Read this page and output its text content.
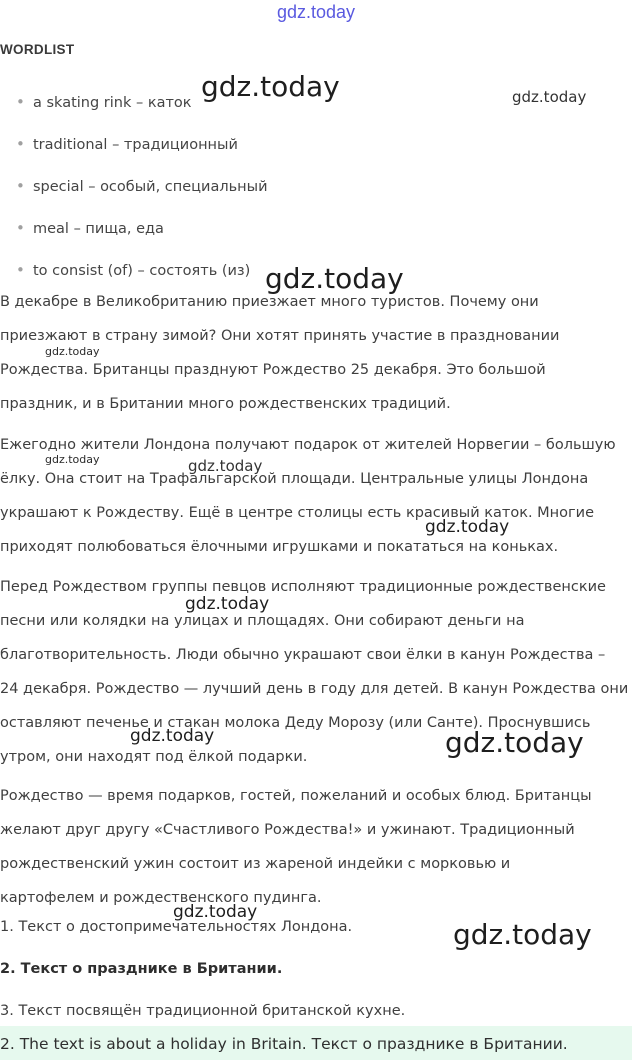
gdz.today
WORDLIST
• a skating rink – каток
• traditional – традиционный
• special – особый, специальный
• meal – пища, еда
• to consist (of) – состоять (из)

В декабре в Великобританию приезжает много туристов. Почему они

приезжают в страну зимой? Они хотят принять участие в праздновании

Рождества. Британцы празднуют Рождество 25 декабря. Это большой

праздник, и в Британии много рождественских традиций.

Ежегодно жители Лондона получают подарок от жителей Норвегии – большую

ёлку. Она стоит на Трафальгарской площади. Центральные улицы Лондона

украшают к Рождеству. Ещё в центре столицы есть красивый каток. Многие

приходят полюбоваться ёлочными игрушками и покататься на коньках.

Перед Рождеством группы певцов исполняют традиционные рождественские

песни или колядки на улицах и площадях. Они собирают деньги на

благотворительность. Люди обычно украшают свои ёлки в канун Рождества –

24 декабря. Рождество — лучший день в году для детей. В канун Рождества они

оставляют печенье и стакан молока Деду Морозу (или Санте). Проснувшись

утром, они находят под ёлкой подарки.

Рождество — время подарков, гостей, пожеланий и особых блюд. Британцы

желают друг другу «Счастливого Рождества!» и ужинают. Традиционный

рождественский ужин состоит из жареной индейки с морковью и

картофелем и рождественского пудинга.

1. Текст о достопримечательностях Лондона.
2. Текст о празднике в Британии.
3. Текст посвящён традиционной британской кухне.
2. The text is about a holiday in Britain. Текст о празднике в Британии.
gdz.today	gdz.today
gdz.today
gdz.today
gdz.today	gdz.today
gdz.today
gdz.today
gdz.today	gdz.today
gdz.today
gdz.today
